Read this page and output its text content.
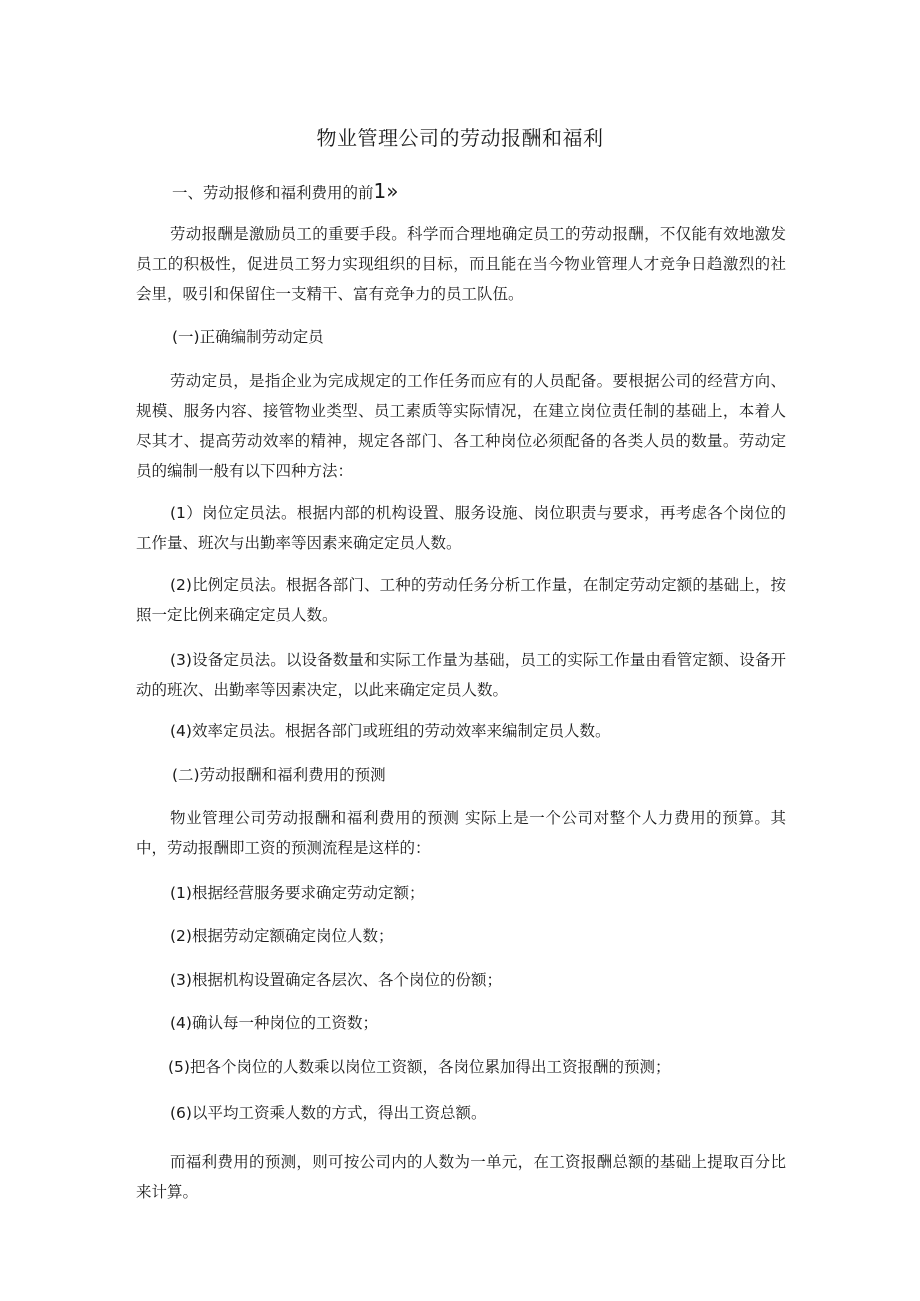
物业管理公司的劳动报酬和福利
一、劳动报修和福利费用的前1»
劳动报酬是激励员工的重要手段。科学而合理地确定员工的劳动报酬，不仅能有效地激发员工的积极性，促进员工努力实现组织的目标，而且能在当今物业管理人才竞争日趋激烈的社会里，吸引和保留住一支精干、富有竞争力的员工队伍。
(一)正确编制劳动定员
劳动定员，是指企业为完成规定的工作任务而应有的人员配备。要根据公司的经营方向、规模、服务内容、接管物业类型、员工素质等实际情况，在建立岗位责任制的基础上，本着人尽其才、提高劳动效率的精神，规定各部门、各工种岗位必须配备的各类人员的数量。劳动定员的编制一般有以下四种方法：
(1）岗位定员法。根据内部的机构设置、服务设施、岗位职责与要求，再考虑各个岗位的工作量、班次与出勤率等因素来确定定员人数。
(2)比例定员法。根据各部门、工种的劳动任务分析工作量，在制定劳动定额的基础上，按照一定比例来确定定员人数。
(3)设备定员法。以设备数量和实际工作量为基础，员工的实际工作量由看管定额、设备开动的班次、出勤率等因素决定，以此来确定定员人数。
(4)效率定员法。根据各部门或班组的劳动效率来编制定员人数。
(二)劳动报酬和福利费用的预测
物业管理公司劳动报酬和福利费用的预测 实际上是一个公司对整个人力费用的预算。其中，劳动报酬即工资的预测流程是这样的：
(1)根据经营服务要求确定劳动定额；
(2)根据劳动定额确定岗位人数；
(3)根据机构设置确定各层次、各个岗位的份额；
(4)确认每一种岗位的工资数；
(5)把各个岗位的人数乘以岗位工资额，各岗位累加得出工资报酬的预测；
(6)以平均工资乘人数的方式，得出工资总额。
而福利费用的预测，则可按公司内的人数为一单元，在工资报酬总额的基础上提取百分比来计算。
